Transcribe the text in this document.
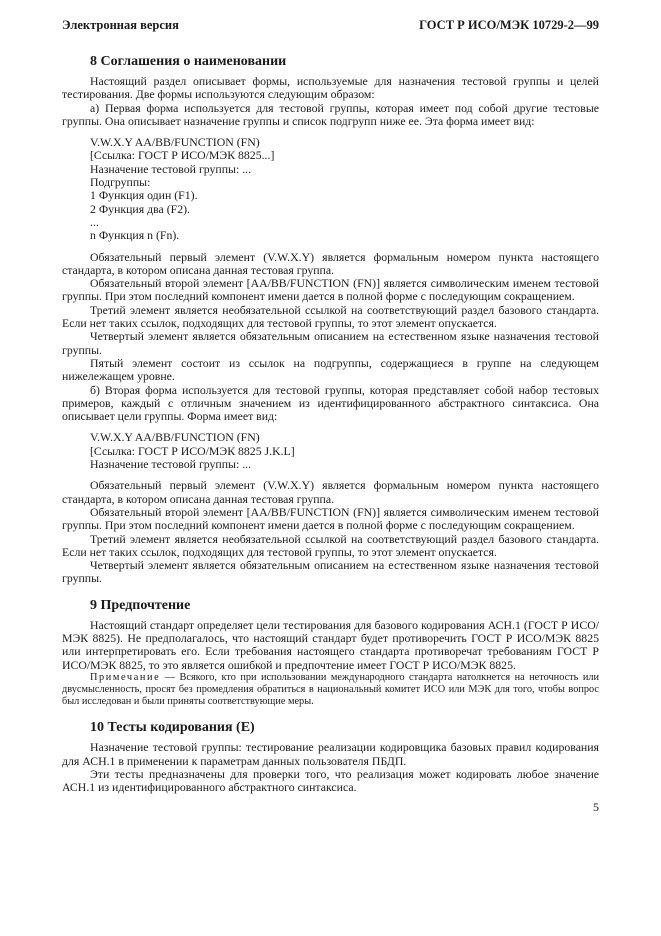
Электронная версия	ГОСТ Р ИСО/МЭК 10729-2—99
8 Соглашения о наименовании

Настоящий раздел описывает формы, используемые для назначения тестовой группы и целей тестирования. Две формы используются следующим образом:

а) Первая форма используется для тестовой группы, которая имеет под собой другие тестовые группы. Она описывает назначение группы и список подгрупп ниже ее. Эта форма имеет вид:

V.W.X.Y AA/BB/FUNCTION (FN)

[Ссылка: ГОСТ Р ИСО/МЭК 8825...]

Назначение тестовой группы: ...

Подгруппы:

1 Функция один (F1).

2 Функция два (F2).

...

n Функция n (Fn).

Обязательный первый элемент (V.W.X.Y) является формальным номером пункта настоящего стандарта, в котором описана данная тестовая группа.

Обязательный второй элемент [AA/BB/FUNCTION (FN)] является символическим именем тестовой группы. При этом последний компонент имени дается в полной форме с последующим сокращением.

Третий элемент является необязательной ссылкой на соответствующий раздел базового стандарта. Если нет таких ссылок, подходящих для тестовой группы, то этот элемент опускается.

Четвертый элемент является обязательным описанием на естественном языке назначения тестовой группы.

Пятый элемент состоит из ссылок на подгруппы, содержащиеся в группе на следующем нижележащем уровне.

б) Вторая форма используется для тестовой группы, которая представляет собой набор тестовых примеров, каждый с отличным значением из идентифицированного абстрактного синтаксиса. Она описывает цели группы. Форма имеет вид:

V.W.X.Y AA/BB/FUNCTION (FN)

[Ссылка: ГОСТ Р ИСО/МЭК 8825 J.K.L]

Назначение тестовой группы: ...

Обязательный первый элемент (V.W.X.Y) является формальным номером пункта настоящего стандарта, в котором описана данная тестовая группа.

Обязательный второй элемент [AA/BB/FUNCTION (FN)] является символическим именем тестовой группы. При этом последний компонент имени дается в полной форме с последующим сокращением.

Третий элемент является необязательной ссылкой на соответствующий раздел базового стандарта. Если нет таких ссылок, подходящих для тестовой группы, то этот элемент опускается.

Четвертый элемент является обязательным описанием на естественном языке назначения тестовой группы.

9 Предпочтение

Настоящий стандарт определяет цели тестирования для базового кодирования АСН.1 (ГОСТ Р ИСО/МЭК 8825). Не предполагалось, что настоящий стандарт будет противоречить ГОСТ Р ИСО/МЭК 8825 или интерпретировать его. Если требования настоящего стандарта противоречат требованиям ГОСТ Р ИСО/МЭК 8825, то это является ошибкой и предпочтение имеет ГОСТ Р ИСО/МЭК 8825.

Примечание — Всякого, кто при использовании международного стандарта натолкнется на неточность или двусмысленность, просят без промедления обратиться в национальный комитет ИСО или МЭК для того, чтобы вопрос был исследован и были приняты соответствующие меры.

10 Тесты кодирования (E)

Назначение тестовой группы: тестирование реализации кодировщика базовых правил кодирования для АСН.1 в применении к параметрам данных пользователя ПБДП.

Эти тесты предназначены для проверки того, что реализация может кодировать любое значение АСН.1 из идентифицированного абстрактного синтаксиса.

5
